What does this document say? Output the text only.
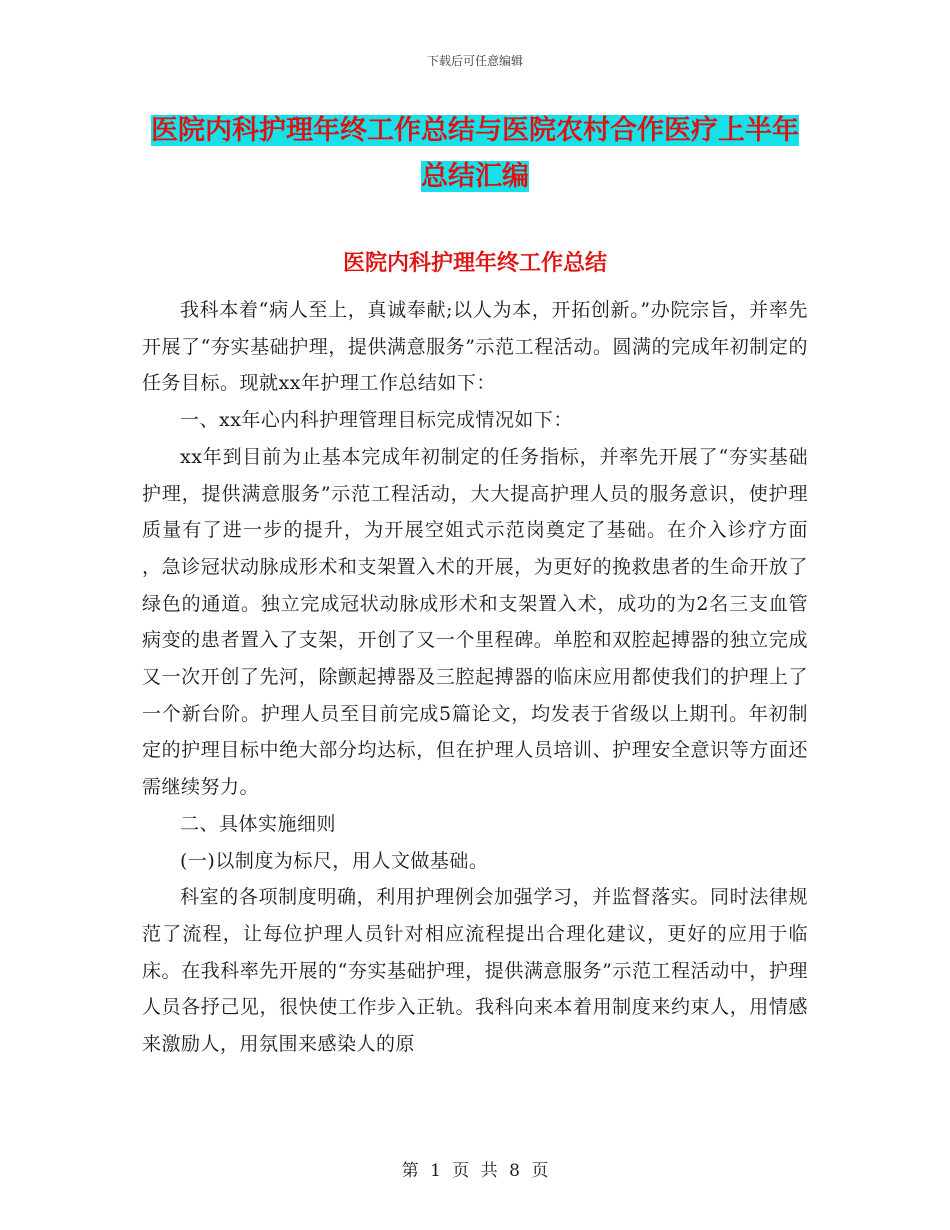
下载后可任意编辑
医院内科护理年终工作总结与医院农村合作医疗上半年总结汇编
医院内科护理年终工作总结

我科本着“病人至上，真诚奉献;以人为本，开拓创新。”办院宗旨，并率先开展了“夯实基础护理，提供满意服务”示范工程活动。圆满的完成年初制定的任务目标。现就xx年护理工作总结如下：

一、xx年心内科护理管理目标完成情况如下：

xx年到目前为止基本完成年初制定的任务指标，并率先开展了“夯实基础护理，提供满意服务”示范工程活动，大大提高护理人员的服务意识，使护理质量有了进一步的提升，为开展空姐式示范岗奠定了基础。在介入诊疗方面 ，急诊冠状动脉成形术和支架置入术的开展，为更好的挽救患者的生命开放了绿色的通道。独立完成冠状动脉成形术和支架置入术，成功的为2名三支血管病变的患者置入了支架，开创了又一个里程碑。单腔和双腔起搏器的独立完成又一次开创了先河，除颤起搏器及三腔起搏器的临床应用都使我们的护理上了一个新台阶。护理人员至目前完成5篇论文，均发表于省级以上期刊。年初制定的护理目标中绝大部分均达标，但在护理人员培训、护理安全意识等方面还需继续努力。

二、具体实施细则

(一)以制度为标尺，用人文做基础。

科室的各项制度明确，利用护理例会加强学习，并监督落实。同时法律规范了流程，让每位护理人员针对相应流程提出合理化建议，更好的应用于临床。在我科率先开展的“夯实基础护理，提供满意服务”示范工程活动中，护理人员各抒己见，很快使工作步入正轨。我科向来本着用制度来约束人，用情感来激励人，用氛围来感染人的原

第 1 页 共 8 页
